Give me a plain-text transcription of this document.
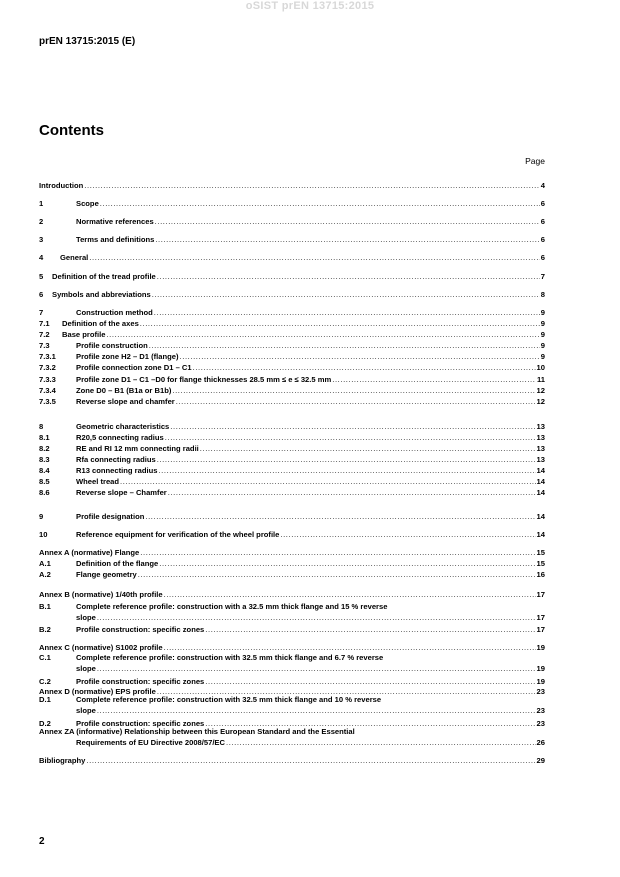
oSIST prEN 13715:2015
prEN 13715:2015 (E)
Contents
Page
Introduction .....	4
1	Scope .....	6
2	Normative references .....	6
3	Terms and definitions .....	6
4	General .....	6
5	Definition of the tread profile .....	7
6	Symbols and abbreviations .....	8
7	Construction method .....	9
7.1	Definition of the axes .....	9
7.2	Base profile .....	9
7.3	Profile construction .....	9
7.3.1	Profile zone H2 – D1 (flange) .....	9
7.3.2	Profile connection zone D1 – C1 .....	10
7.3.3	Profile zone D1 – C1 –D0 for flange thicknesses 28.5 mm ≤ e ≤ 32.5 mm .....	11
7.3.4	Zone D0 – B1 (B1a or B1b) .....	12
7.3.5	Reverse slope and chamfer .....	12
8	Geometric characteristics .....	13
8.1	R20,5 connecting radius .....	13
8.2	RE and RI 12 mm connecting radii .....	13
8.3	Rfa connecting radius .....	13
8.4	R13 connecting radius .....	14
8.5	Wheel tread .....	14
8.6	Reverse slope – Chamfer .....	14
9	Profile designation .....	14
10	Reference equipment for verification of the wheel profile .....	14
Annex A (normative) Flange .....	15
A.1	Definition of the flange .....	15
A.2	Flange geometry .....	16
Annex B (normative) 1/40th profile .....	17
B.1	Complete reference profile: construction with a 32.5 mm thick flange and 15 % reverse
slope .....	17
B.2	Profile construction: specific zones .....	17
Annex C (normative) S1002 profile .....	19
C.1	Complete reference profile: construction with 32.5 mm thick flange and 6.7 % reverse
slope .....	19
C.2	Profile construction: specific zones .....	19
Annex D (normative) EPS profile .....	23
D.1	Complete reference profile: construction with 32.5 mm thick flange and 10 % reverse
slope .....	23
D.2	Profile construction: specific zones .....	23
Annex ZA (informative) Relationship between this European Standard and the Essential
Requirements of EU Directive 2008/57/EC .....	26
Bibliography .....	29
2
